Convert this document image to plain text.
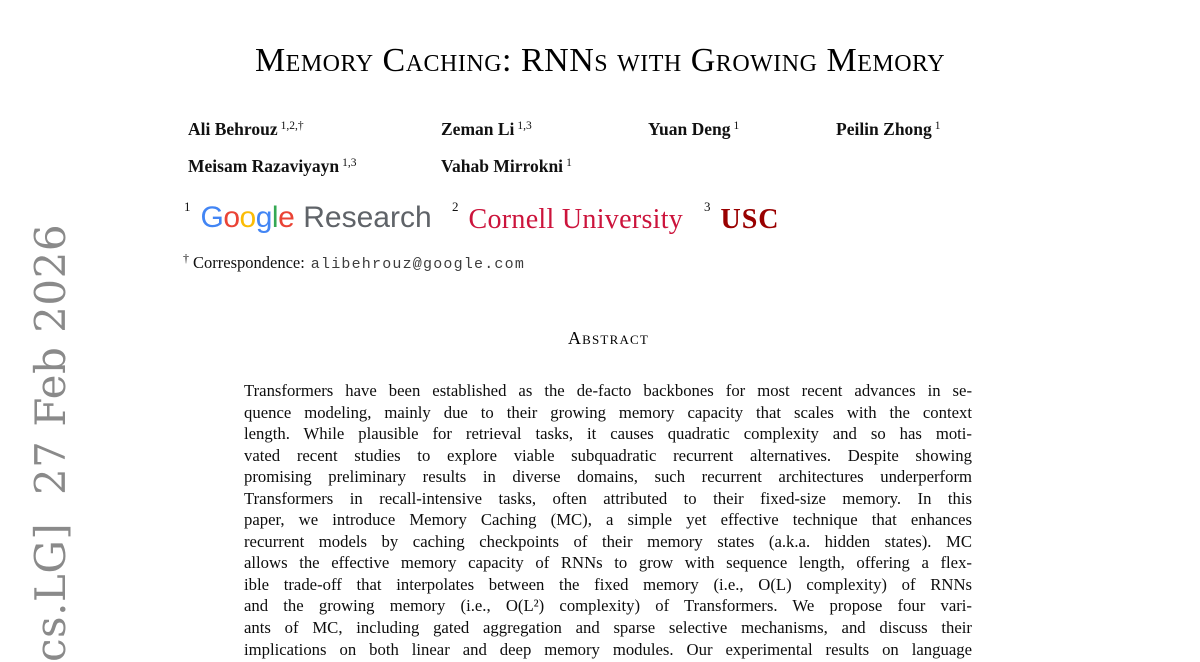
cs.LG]  27 Feb 2026
Memory Caching: RNNs with Growing Memory
Ali Behrouz $^{1,2,\dagger}$	Zeman Li $^{1,3}$	Yuan Deng $^1$	Peilin Zhong $^1$
Meisam Razaviyayn $^{1,3}$	Vahab Mirrokni $^1$
1 Google Research 2 Cornell University 3 USC
† Correspondence: alibehrouz@google.com
Abstract
Transformers have been established as the de-facto backbones for most recent advances in se-
quence modeling, mainly due to their growing memory capacity that scales with the context
length. While plausible for retrieval tasks, it causes quadratic complexity and so has moti-
vated recent studies to explore viable subquadratic recurrent alternatives. Despite showing
promising preliminary results in diverse domains, such recurrent architectures underperform
Transformers in recall-intensive tasks, often attributed to their fixed-size memory. In this
paper, we introduce Memory Caching (MC), a simple yet effective technique that enhances
recurrent models by caching checkpoints of their memory states (a.k.a. hidden states). MC
allows the effective memory capacity of RNNs to grow with sequence length, offering a flex-
ible trade-off that interpolates between the fixed memory (i.e., O(L) complexity) of RNNs
and the growing memory (i.e., O(L²) complexity) of Transformers. We propose four vari-
ants of MC, including gated aggregation and sparse selective mechanisms, and discuss their
implications on both linear and deep memory modules. Our experimental results on language
